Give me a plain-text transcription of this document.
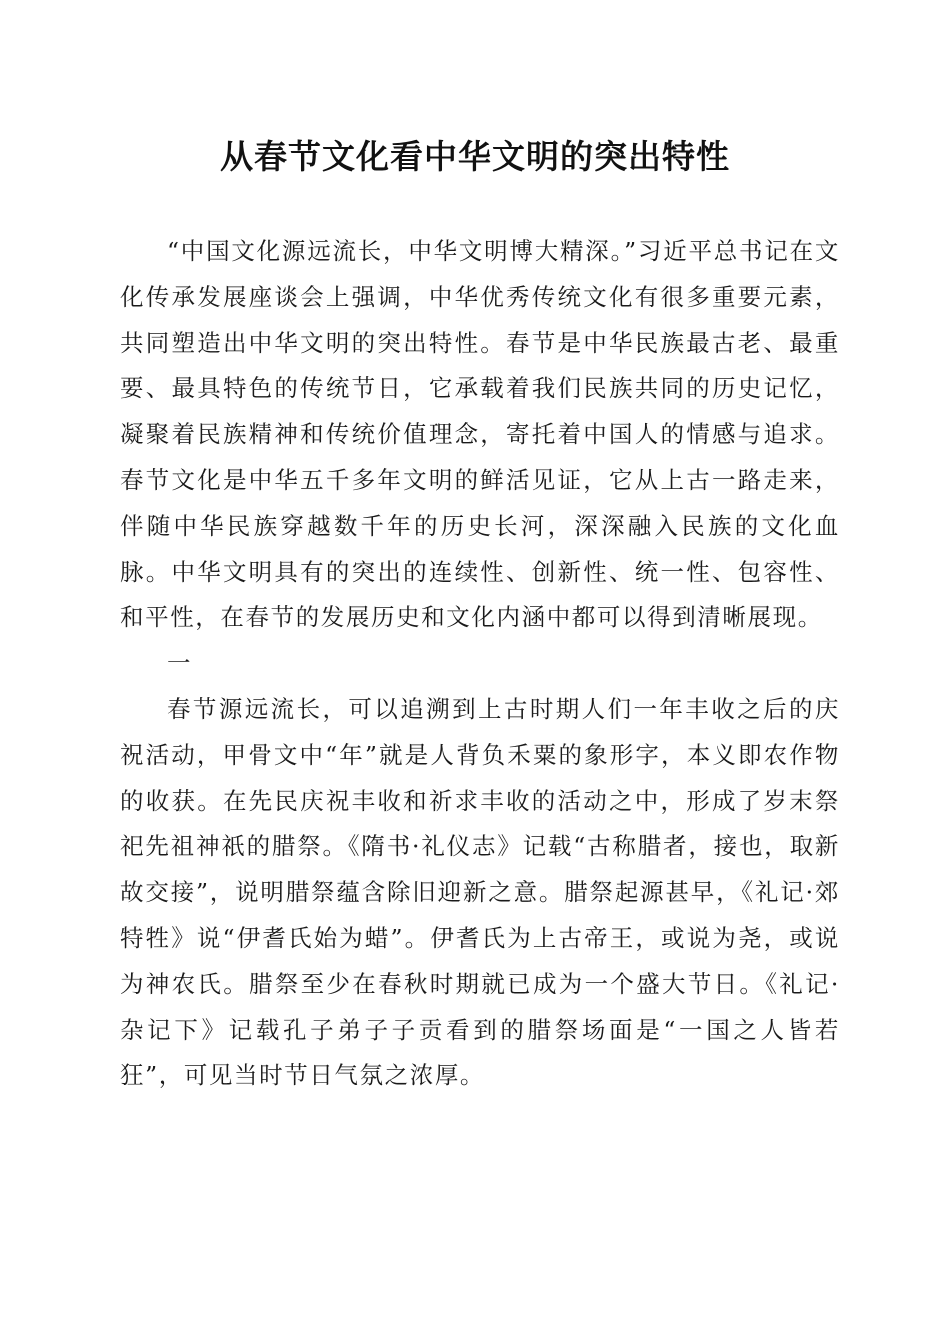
从春节文化看中华文明的突出特性

“中国文化源远流长，中华文明博大精深。”习近平总书记在文化传承发展座谈会上强调，中华优秀传统文化有很多重要元素，共同塑造出中华文明的突出特性。春节是中华民族最古老、最重要、最具特色的传统节日，它承载着我们民族共同的历史记忆，凝聚着民族精神和传统价值理念，寄托着中国人的情感与追求。春节文化是中华五千多年文明的鲜活见证，它从上古一路走来，伴随中华民族穿越数千年的历史长河，深深融入民族的文化血脉。中华文明具有的突出的连续性、创新性、统一性、包容性、和平性，在春节的发展历史和文化内涵中都可以得到清晰展现。

一

春节源远流长，可以追溯到上古时期人们一年丰收之后的庆祝活动，甲骨文中“年”就是人背负禾粟的象形字，本义即农作物的收获。在先民庆祝丰收和祈求丰收的活动之中，形成了岁末祭祀先祖神祇的腊祭。《隋书·礼仪志》记载“古称腊者，接也，取新故交接”，说明腊祭蕴含除旧迎新之意。腊祭起源甚早，《礼记·郊特牲》说“伊耆氏始为蜡”。伊耆氏为上古帝王，或说为尧，或说为神农氏。腊祭至少在春秋时期就已成为一个盛大节日。《礼记·杂记下》记载孔子弟子子贡看到的腊祭场面是“一国之人皆若狂”，可见当时节日气氛之浓厚。
